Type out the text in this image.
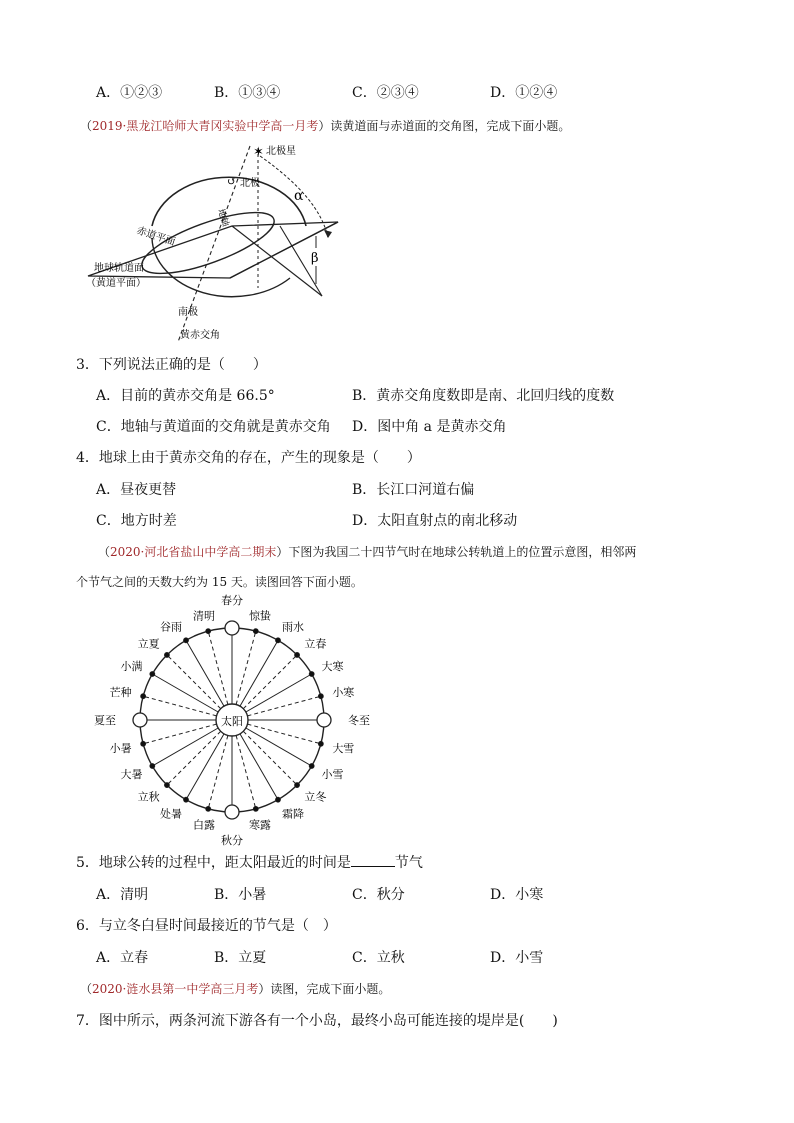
A．①②③	B．①③④	C．②③④	D．①②④
（2019·黑龙江哈师大青冈实验中学高一月考）读黄道面与赤道面的交角图，完成下面小题。
✶ 北极星
↺ 北极
地轴
赤道平面
地球轨道面
（黄道平面）
南极
黄赤交角
α
β
3．下列说法正确的是（　　）
A．目前的黄赤交角是 66.5°	B．黄赤交角度数即是南、北回归线的度数
C．地轴与黄道面的交角就是黄赤交角 D．图中角 a 是黄赤交角
4．地球上由于黄赤交角的存在，产生的现象是（　　）
A．昼夜更替	B．长江口河道右偏
C．地方时差	D．太阳直射点的南北移动
（2020·河北省盐山中学高二期末）下图为我国二十四节气时在地球公转轨道上的位置示意图，相邻两
个节气之间的天数大约为 15 天。读图回答下面小题。
太阳
春分
清明
谷雨
立夏
小满
芒种
夏至
小暑
大暑
立秋
处暑
白露
秋分
寒露
霜降
立冬
小雪
大雪
冬至
小寒
大寒
立春
雨水
惊蛰
5．地球公转的过程中，距太阳最近的时间是	节气
A．清明	B．小暑	C．秋分	D．小寒
6．与立冬白昼时间最接近的节气是（　）
A．立春	B．立夏	C．立秋	D．小雪
（2020·涟水县第一中学高三月考）读图，完成下面小题。
7．图中所示，两条河流下游各有一个小岛，最终小岛可能连接的堤岸是(　　)
